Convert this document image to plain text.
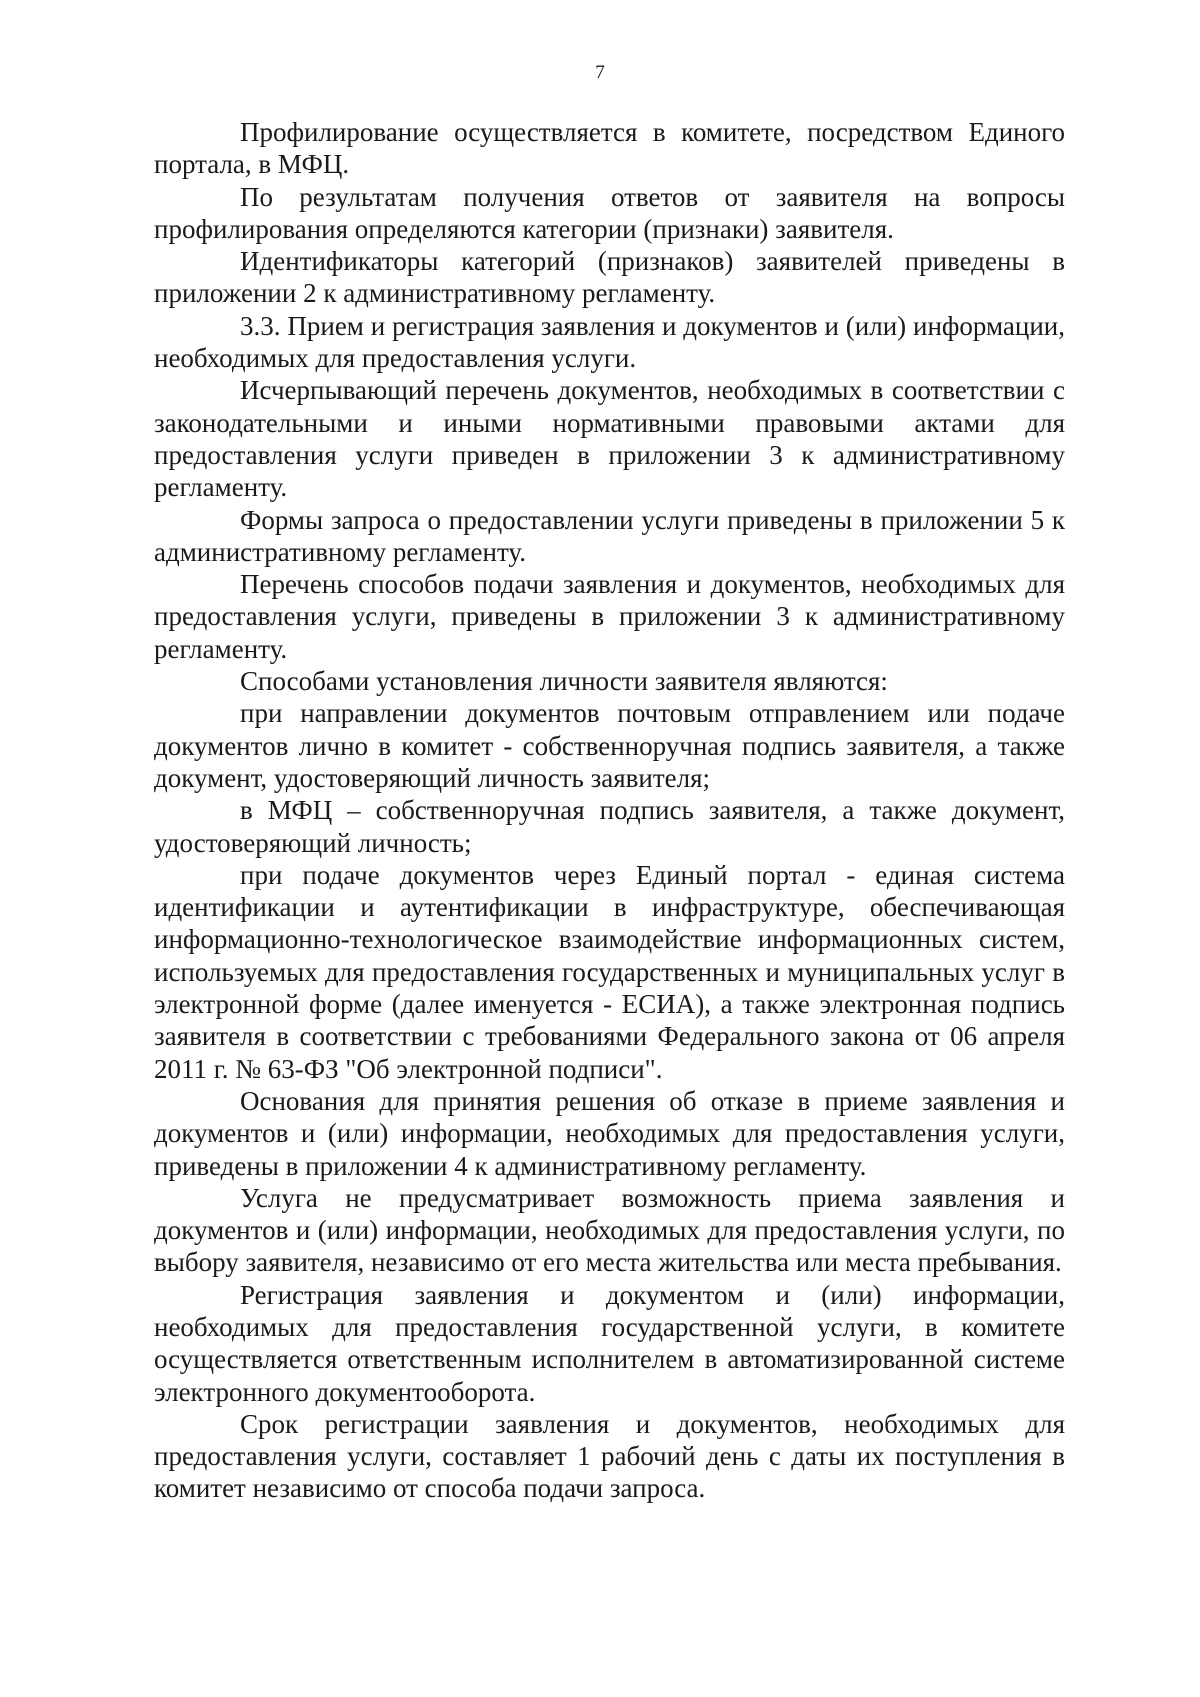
7

Профилирование осуществляется в комитете, посредством Единого портала, в МФЦ.

По результатам получения ответов от заявителя на вопросы профилирования определяются категории (признаки) заявителя.

Идентификаторы категорий (признаков) заявителей приведены в приложении 2 к административному регламенту.

3.3. Прием и регистрация заявления и документов и (или) информации, необходимых для предоставления услуги.

Исчерпывающий перечень документов, необходимых в соответствии с законодательными и иными нормативными правовыми актами для предоставления услуги приведен в приложении 3 к административному регламенту.

Формы запроса о предоставлении услуги приведены в приложении 5 к административному регламенту.

Перечень способов подачи заявления и документов, необходимых для предоставления услуги, приведены в приложении 3 к административному регламенту.

Способами установления личности заявителя являются:

при направлении документов почтовым отправлением или подаче документов лично в комитет - собственноручная подпись заявителя, а также документ, удостоверяющий личность заявителя;

в МФЦ – собственноручная подпись заявителя, а также документ, удостоверяющий личность;

при подаче документов через Единый портал - единая система идентификации и аутентификации в инфраструктуре, обеспечивающая информационно-технологическое взаимодействие информационных систем, используемых для предоставления государственных и муниципальных услуг в электронной форме (далее именуется - ЕСИА), а также электронная подпись заявителя в соответствии с требованиями Федерального закона от 06 апреля 2011 г. № 63-ФЗ "Об электронной подписи".

Основания для принятия решения об отказе в приеме заявления и документов и (или) информации, необходимых для предоставления услуги, приведены в приложении 4 к административному регламенту.

Услуга не предусматривает возможность приема заявления и документов и (или) информации, необходимых для предоставления услуги, по выбору заявителя, независимо от его места жительства или места пребывания.

Регистрация заявления и документом и (или) информации, необходимых для предоставления государственной услуги, в комитете осуществляется ответственным исполнителем в автоматизированной системе электронного документооборота.

Срок регистрации заявления и документов, необходимых для предоставления услуги, составляет 1 рабочий день с даты их поступления в комитет независимо от способа подачи запроса.
